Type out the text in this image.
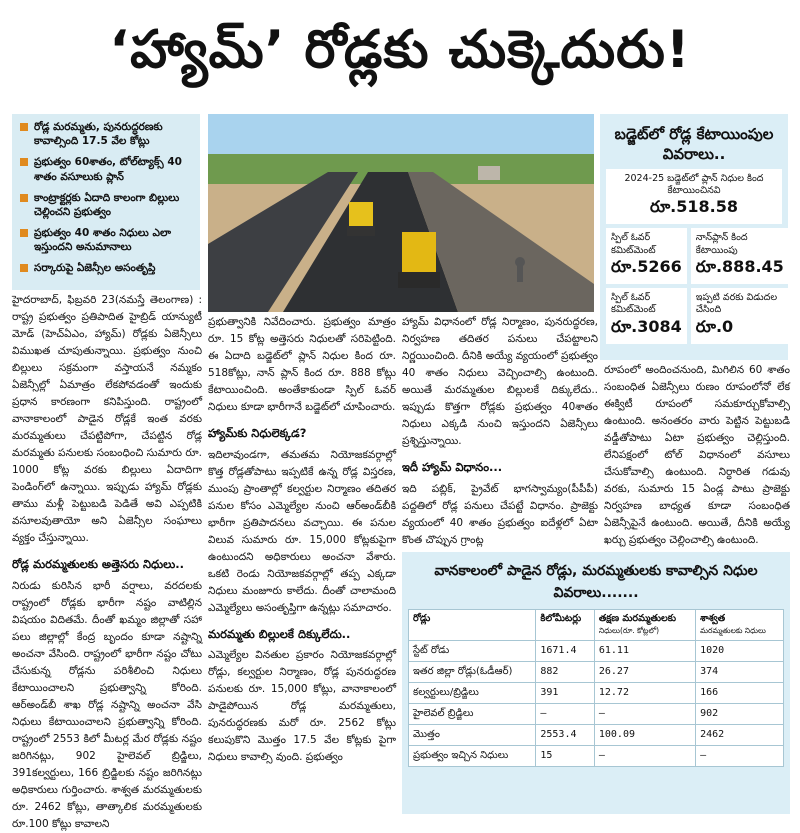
‘హ్యామ్’ రోడ్లకు చుక్కెదురు!
రోడ్ల మరమ్మతు, పునరుద్ధరణకు కావాల్సింది 17.5 వేల కోట్లు
ప్రభుత్వం 60శాతం, టోల్‌ట్యాక్స్ 40 శాతం వసూలుకు ప్లాన్
కాంట్రాక్టర్లకు ఏదాది కాలంగా బిల్లులు చెల్లించని ప్రభుత్వం
ప్రభుత్వం 40 శాతం నిధులు ఎలా ఇస్తుందని అనుమానాలు
సర్కారుపై ఏజెన్సీల అసంతృప్తి
బడ్జెట్‌లో రోడ్ల కేటాయింపుల వివరాలు..
2024-25 బడ్జెట్‌లో ప్లాన్ నిధుల కింద కేటాయించినవి
రూ.518.58
స్పిల్ ఓవర్ కమిట్‌మెంట్
రూ.5266
నాన్‌ప్లాన్ కింద కేటాయింపు
రూ.888.45
స్పిల్ ఓవర్ కమిట్‌మెంట్
రూ.3084
ఇప్పటి వరకు విడుదల చేసింది
రూ.0
హైదరాబాద్, ఫిబ్రవరి 23(నమస్తే తెలంగాణ) : రాష్ట్ర ప్రభుత్వం ప్రతిపాదిత హైబ్రిడ్ యాన్యుటీ మోడ్ (హెచ్‌ఏఎం, హ్యామ్) రోడ్లకు ఏజెన్సీలు విముఖత చూపుతున్నాయి. ప్రభుత్వం నుంచి బిల్లులు సక్రమంగా వస్తాయనే నమ్మకం ఏజెన్సీల్లో ఏమాత్రం లేకపోవడంతో ఇందుకు ప్రధాన కారణంగా కనిపిస్తుంది. రాష్ట్రంలో వానాకాలంలో పాడైన రోడ్లకే ఇంత వరకు మరమ్మతులు చేపట్టిపోగా, చేపట్టిన రోడ్ల మరమ్మతు పనులకు సంబంధించి సుమారు రూ. 1000 కోట్ల వరకు బిల్లులు ఏదాదిగా పెండింగ్‌లో ఉన్నాయి. ఇప్పుడు హ్యామ్ రోడ్లకు తాము మళ్లీ పెట్టుబడి పెడితే అవి ఎప్పటికి వసూలవుతాయో అని ఏజెన్సీల సంఘాలు వ్యక్తం చేస్తున్నాయి.
రోడ్ల మరమ్మతులకు అత్తెసరు నిధులు..
నిరుడు కురిసిన భారీ వర్షాలు, వరదలకు రాష్ట్రంలో రోడ్లకు భారీగా నష్టం వాటిల్లిన విషయం విదితమే. దీంతో ఖమ్మం జిల్లాతో సహా పలు జిల్లాల్లో కేంద్ర బృందం కూడా నష్టాన్ని అంచనా వేసింది. రాష్ట్రంలో భారీగా నష్టం చోటు చేసుకున్న రోడ్లను పరిశీలించి నిధులు కేటాయించాలని ప్రభుత్వాన్ని కోరింది. ఆర్‌అండ్‌బీ శాఖ రోడ్ల నష్టాన్ని అంచనా వేసి నిధులు కేటాయించాలని ప్రభుత్వాన్ని కోరింది. రాష్ట్రంలో 2553 కిలో మీటర్ల మేర రోడ్లకు నష్టం జరిగినట్లు, 902 హైలెవల్ బ్రిడ్జిలు, 391కల్వర్టులు, 166 బ్రిడ్జిలకు నష్టం జరిగినట్లు అధికారులు గుర్తించారు. శాశ్వత మరమ్మతులకు రూ. 2462 కోట్లు, తాత్కాలిక మరమ్మతులకు రూ.100 కోట్లు కావాలని
ప్రభుత్వానికి నివేదించారు. ప్రభుత్వం మాత్రం రూ. 15 కోట్ల అత్తెసరు నిధులతో సరిపెట్టింది. ఈ ఏదాది బడ్జెట్‌లో ప్లాన్ నిధుల కింద రూ. 518కోట్లు, నాన్ ప్లాన్ కింద రూ. 888 కోట్లు కేటాయించింది. అంతేకాకుండా స్పిల్ ఓవర్ నిధులు కూడా భారీగానే బడ్జెట్‌లో చూపించారు.
హ్యామ్‌కు నిధులెక్కడ?
ఇదిలావుండగా, తమతమ నియోజకవర్గాల్లో కొత్త రోడ్లతోపాటు ఇప్పటికే ఉన్న రోడ్ల విస్తరణ, ముంపు ప్రాంతాల్లో కల్వర్టుల నిర్మాణం తదితర పనుల కోసం ఎమ్మెల్యేల నుంచి ఆర్‌అండ్‌బీకి భారీగా ప్రతిపాదనలు వచ్చాయి. ఈ పనుల విలువ సుమారు రూ. 15,000 కోట్లకుపైగా ఉంటుందని అధికారులు అంచనా వేశారు. ఒకటి రెండు నియోజకవర్గాల్లో తప్ప ఎక్కడా నిధులు మంజూరు కాలేదు. దీంతో చాలామంది ఎమ్మెల్యేలు అసంతృప్తిగా ఉన్నట్లు సమాచారం.
మరమ్మతు బిల్లులకే దిక్కులేదు..
ఎమ్మెల్యేల వినతుల ప్రకారం నియోజకవర్గాల్లో రోడ్లు, కల్వర్టుల నిర్మాణం, రోడ్ల పునరుద్ధరణ పనులకు రూ. 15,000 కోట్లు, వానాకాలంలో పాడైపోయిన రోడ్ల మరమ్మతులు, పునరుద్ధరణకు మరో రూ. 2562 కోట్లు కలుపుకొని మొత్తం 17.5 వేల కోట్లకు పైగా నిధులు కావాల్సి వుంది. ప్రభుత్వం
హ్యామ్ విధానంలో రోడ్ల నిర్మాణం, పునరుద్ధరణ, నిర్వహణ తదితర పనులు చేపట్టాలని నిర్ణయించింది. దీనికి అయ్యే వ్యయంలో ప్రభుత్వం 40 శాతం నిధులు వెచ్చించాల్సి ఉంటుంది. అయితే మరమ్మతుల బిల్లులకే దిక్కులేదు.. ఇప్పుడు కొత్తగా రోడ్లకు ప్రభుత్వం 40శాతం నిధులు ఎక్కడి నుంచి ఇస్తుందని ఏజెన్సీలు ప్రశ్నిస్తున్నాయి.
ఇదీ హ్యామ్ విధానం...
ఇది పబ్లిక్, ప్రైవేట్ భాగస్వామ్యం(పీపీపీ) పద్దతిలో రోడ్ల పనులు చేపట్టే విధానం. ప్రాజెక్టు వ్యయంలో 40 శాతం ప్రభుత్వం ఐదేళ్లలో ఏటా కొంత చొప్పున గ్రాంట్ల
రూపంలో అందించనుంది, మిగిలిన 60 శాతం సంబంధిత ఏజెన్సీలు రుణం రూపంలోనో లేక ఈక్విటీ రూపంలో సమకూర్చుకోవాల్సి ఉంటుంది. అనంతరం వారు పెట్టిన పెట్టుబడి వడ్డీతోపాటు ఏటా ప్రభుత్వం చెల్లిస్తుంది. లేనిపక్షంలో టోల్ విధానంలో వసూలు చేసుకోవాల్సి ఉంటుంది. నిర్ధారిత గడువు వరకు, సుమారు 15 ఏండ్ల పాటు ప్రాజెక్టు నిర్వహణ బాధ్యత కూడా సంబంధిత ఏజెన్సీపైనే ఉంటుంది. అయితే, దీనికి అయ్యే ఖర్చు ప్రభుత్వం చెల్లించాల్సి ఉంటుంది.
వానకాలంలో పాడైన రోడ్లు, మరమ్మతులకు కావాల్సిన నిధుల వివరాలు.......
రోడ్లు	కిలోమీటర్లు	తక్షణ మరమ్మతులకు
నిధులు(రూ. కోట్లలో)	శాశ్వత
మరమ్మతులకు నిధులు

స్టేట్ రోడు	1671.4	61.11	1020
ఇతర జిల్లా రోడ్లు(ఓడీఆర్)	882	26.27	374
కల్వర్టులు/బ్రిడ్జిలు	391	12.72	166
హైలెవల్ బ్రిడ్జిలు	–	–	902
మొత్తం	2553.4	100.09	2462
ప్రభుత్వం ఇచ్చిన నిధులు	15	–	–
